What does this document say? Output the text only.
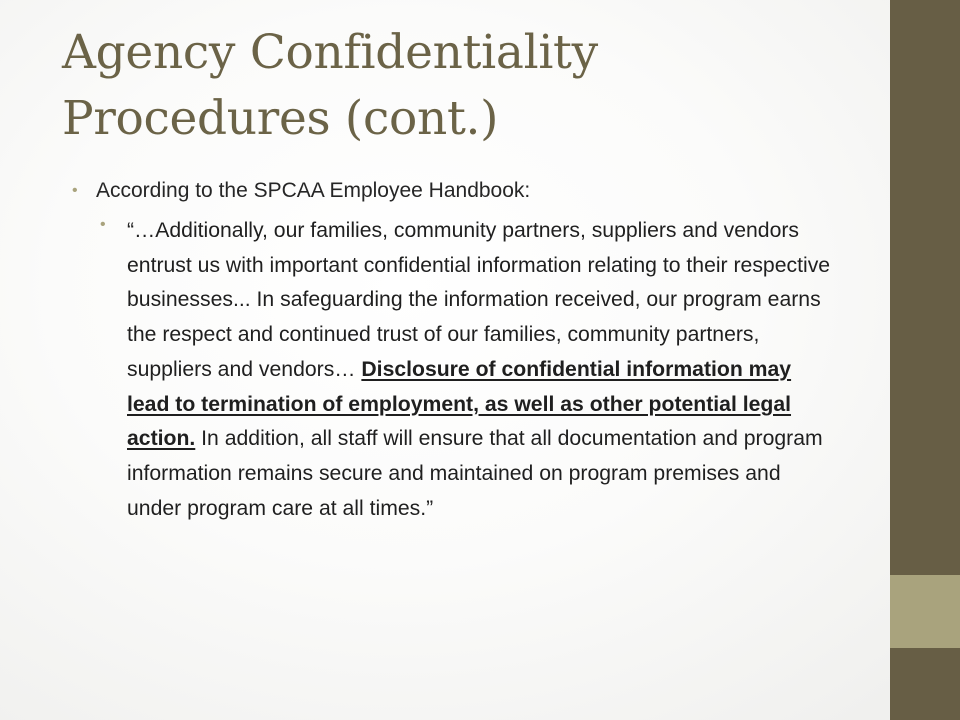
Agency Confidentiality Procedures (cont.)
• According to the SPCAA Employee Handbook:
• “…Additionally, our families, community partners, suppliers and vendors entrust us with important confidential information relating to their respective businesses... In safeguarding the information received, our program earns the respect and continued trust of our families, community partners, suppliers and vendors… Disclosure of confidential information may lead to termination of employment, as well as other potential legal action. In addition, all staff will ensure that all documentation and program information remains secure and maintained on program premises and under program care at all times.”
